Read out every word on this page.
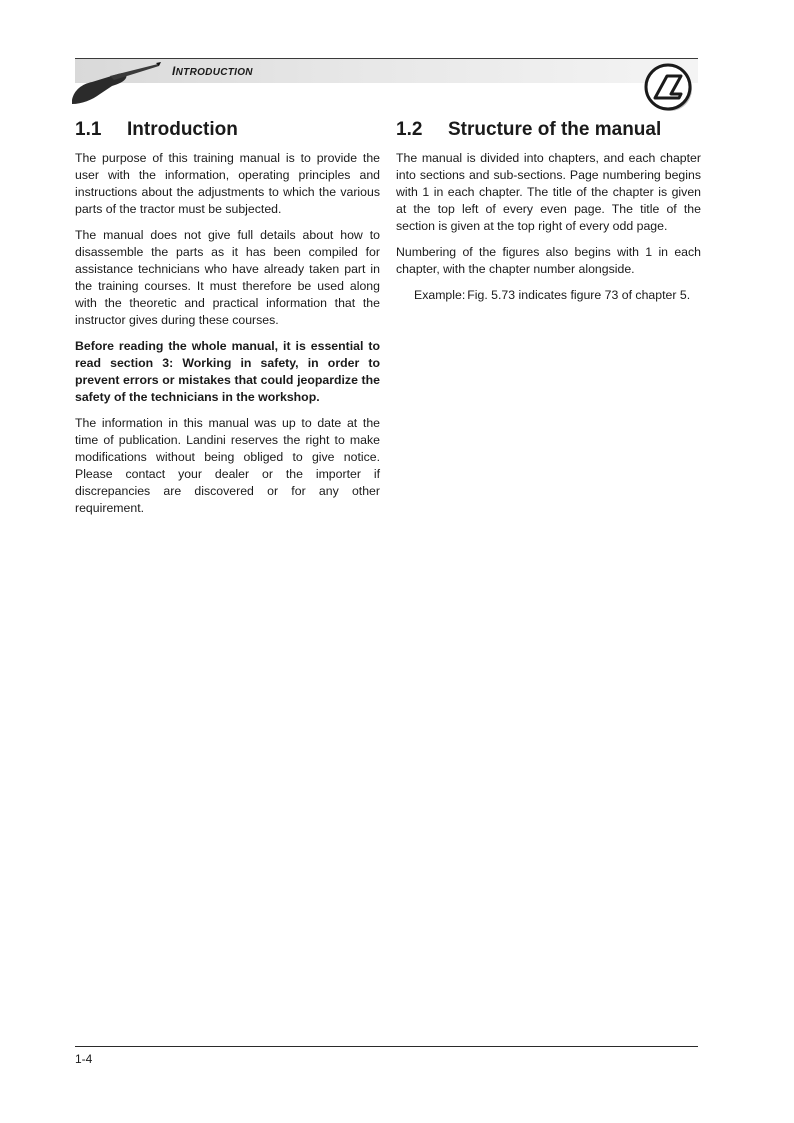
INTRODUCTION
1.1	Introduction

The purpose of this training manual is to provide the user with the information, operating principles and instructions about the adjustments to which the various parts of the tractor must be subjected.

The manual does not give full details about how to disassemble the parts as it has been compiled for assistance technicians who have already taken part in the training courses. It must therefore be used along with the theoretic and practical information that the instructor gives during these courses.

Before reading the whole manual, it is essential to read section 3: Working in safety, in order to prevent errors or mistakes that could jeopardize the safety of the technicians in the workshop.

The information in this manual was up to date at the time of publication. Landini reserves the right to make modifications without being obliged to give notice. Please contact your dealer or the importer if discrepancies are discovered or for any other requirement.

1.2	Structure of the manual

The manual is divided into chapters, and each chapter into sections and sub-sections. Page numbering begins with 1 in each chapter. The title of the chapter is given at the top left of every even page. The title of the section is given at the top right of every odd page.

Numbering of the figures also begins with 1 in each chapter, with the chapter number alongside.

Example: Fig. 5.73 indicates figure 73 of chapter 5.
1-4
